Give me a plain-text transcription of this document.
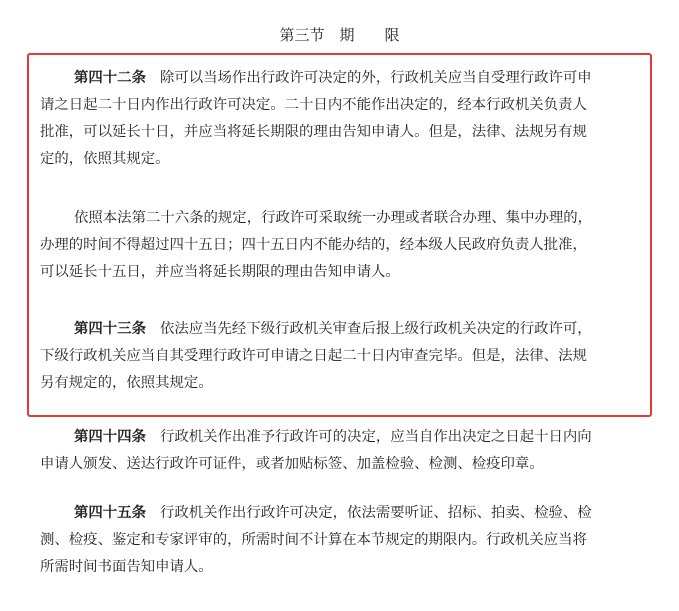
第三节　期　　限
第四十二条 除可以当场作出行政许可决定的外，行政机关应当自受理行政许可申
请之日起二十日内作出行政许可决定。二十日内不能作出决定的，经本行政机关负责人
批准，可以延长十日，并应当将延长期限的理由告知申请人。但是，法律、法规另有规
定的，依照其规定。
依照本法第二十六条的规定，行政许可采取统一办理或者联合办理、集中办理的，
办理的时间不得超过四十五日；四十五日内不能办结的，经本级人民政府负责人批准，
可以延长十五日，并应当将延长期限的理由告知申请人。
第四十三条 依法应当先经下级行政机关审查后报上级行政机关决定的行政许可，
下级行政机关应当自其受理行政许可申请之日起二十日内审查完毕。但是，法律、法规
另有规定的，依照其规定。
第四十四条 行政机关作出准予行政许可的决定，应当自作出决定之日起十日内向
申请人颁发、送达行政许可证件，或者加贴标签、加盖检验、检测、检疫印章。
第四十五条 行政机关作出行政许可决定，依法需要听证、招标、拍卖、检验、检
测、检疫、鉴定和专家评审的，所需时间不计算在本节规定的期限内。行政机关应当将
所需时间书面告知申请人。
